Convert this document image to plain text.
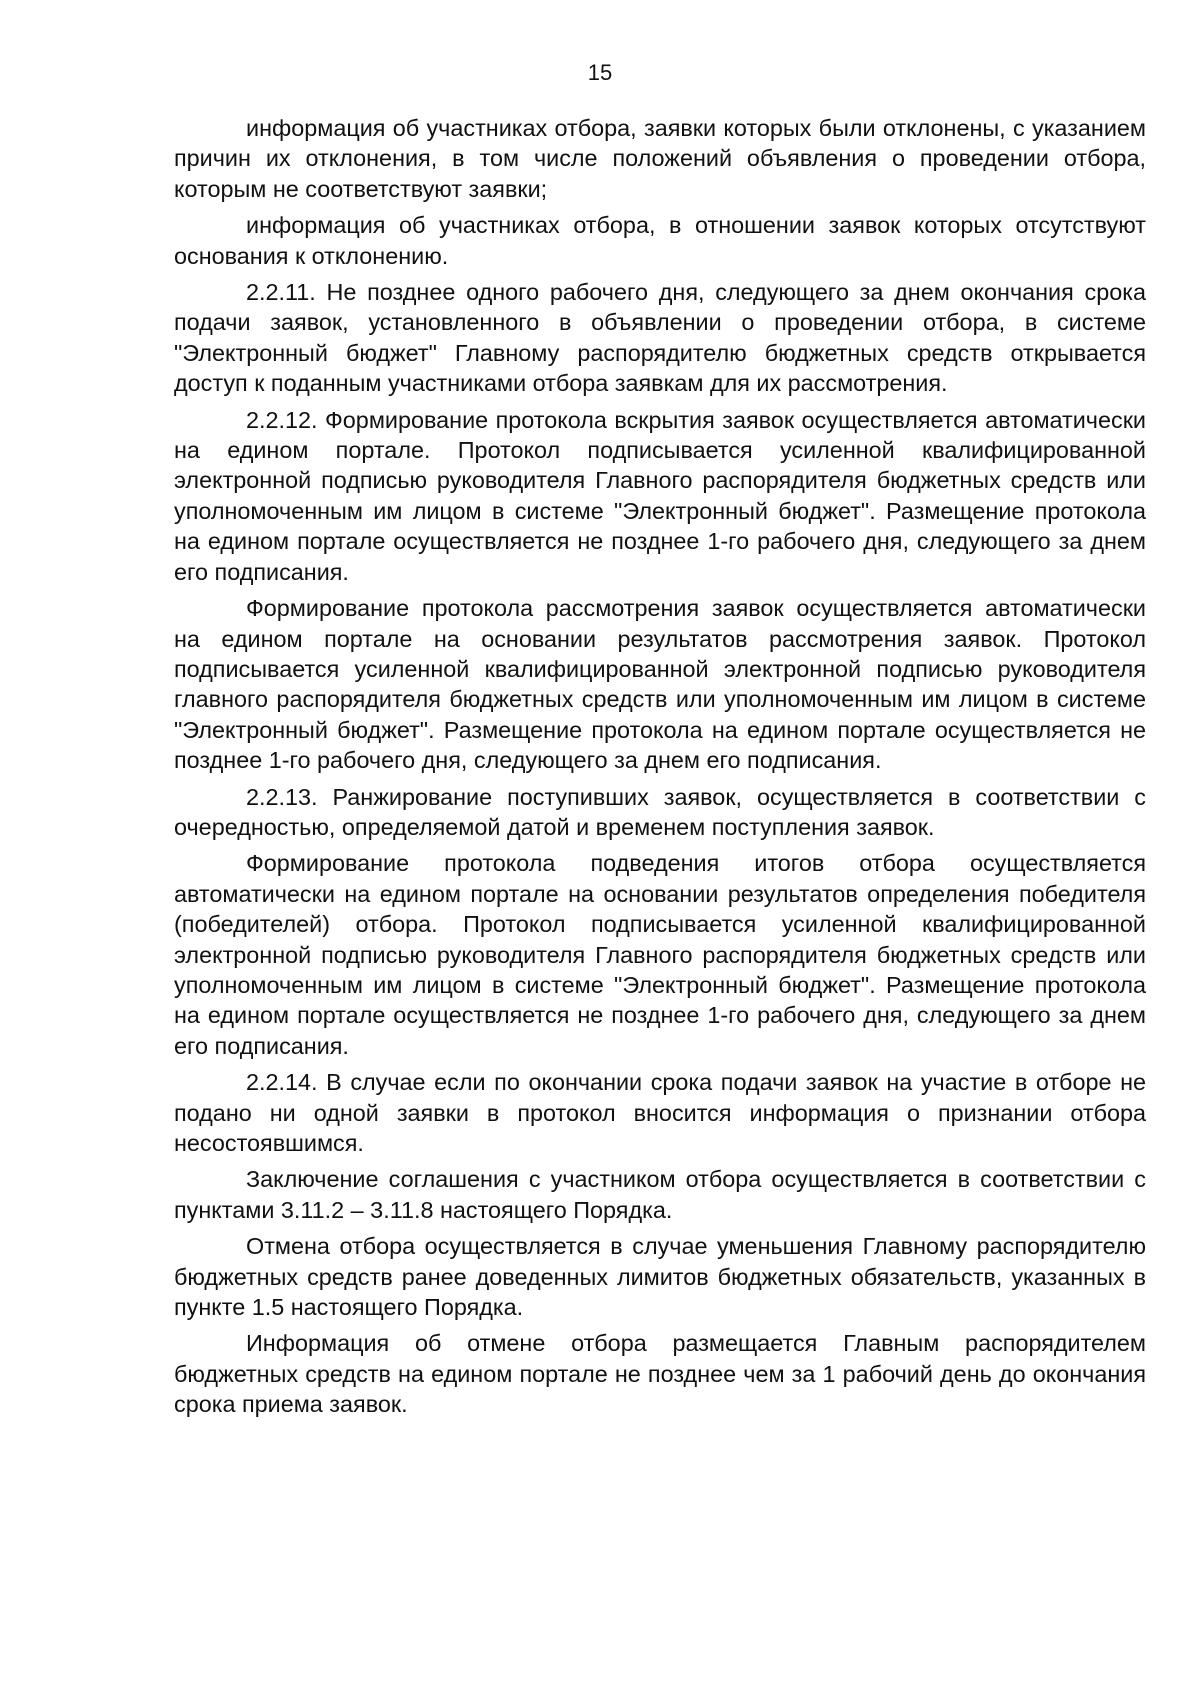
15

информация об участниках отбора, заявки которых были отклонены, с указанием причин их отклонения, в том числе положений объявления о проведении отбора, которым не соответствуют заявки;

информация об участниках отбора, в отношении заявок которых отсутствуют основания к отклонению.

2.2.11. Не позднее одного рабочего дня, следующего за днем окончания срока подачи заявок, установленного в объявлении о проведении отбора, в системе "Электронный бюджет" Главному распорядителю бюджетных средств открывается доступ к поданным участниками отбора заявкам для их рассмотрения.

2.2.12. Формирование протокола вскрытия заявок осуществляется автоматически на едином портале. Протокол подписывается усиленной квалифицированной электронной подписью руководителя Главного распорядителя бюджетных средств или уполномоченным им лицом в системе "Электронный бюджет". Размещение протокола на едином портале осуществляется не позднее 1-го рабочего дня, следующего за днем его подписания.

Формирование протокола рассмотрения заявок осуществляется автоматически на едином портале на основании результатов рассмотрения заявок. Протокол подписывается усиленной квалифицированной электронной подписью руководителя главного распорядителя бюджетных средств или уполномоченным им лицом в системе "Электронный бюджет". Размещение протокола на едином портале осуществляется не позднее 1-го рабочего дня, следующего за днем его подписания.

2.2.13. Ранжирование поступивших заявок, осуществляется в соответствии с очередностью, определяемой датой и временем поступления заявок.

Формирование протокола подведения итогов отбора осуществляется автоматически на едином портале на основании результатов определения победителя (победителей) отбора. Протокол подписывается усиленной квалифицированной электронной подписью руководителя Главного распорядителя бюджетных средств или уполномоченным им лицом в системе "Электронный бюджет". Размещение протокола на едином портале осуществляется не позднее 1-го рабочего дня, следующего за днем его подписания.

2.2.14. В случае если по окончании срока подачи заявок на участие в отборе не подано ни одной заявки в протокол вносится информация о признании отбора несостоявшимся.

Заключение соглашения с участником отбора осуществляется в соответствии с пунктами 3.11.2 – 3.11.8 настоящего Порядка.

Отмена отбора осуществляется в случае уменьшения Главному распорядителю бюджетных средств ранее доведенных лимитов бюджетных обязательств, указанных в пункте 1.5 настоящего Порядка.

Информация об отмене отбора размещается Главным распорядителем бюджетных средств на едином портале не позднее чем за 1 рабочий день до окончания срока приема заявок.
